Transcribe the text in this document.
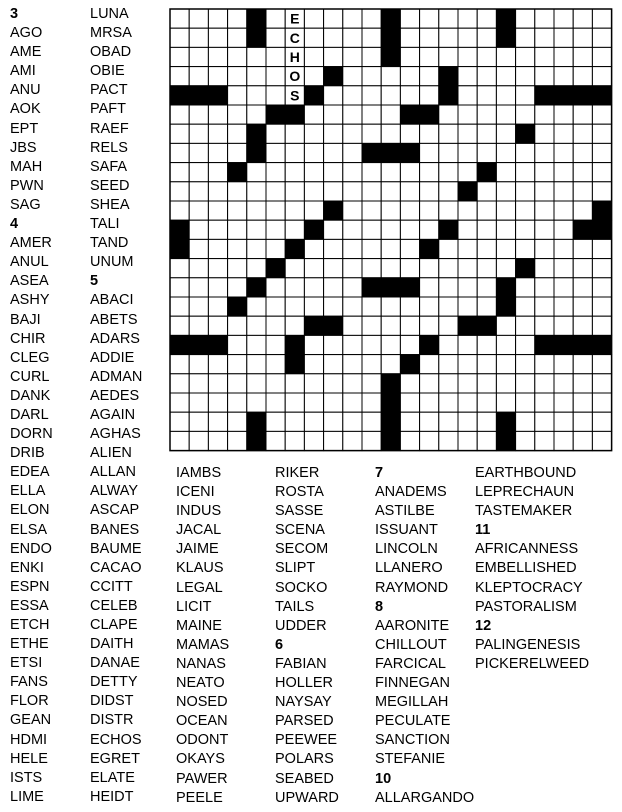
3
AGO
AME
AMI
ANU
AOK
EPT
JBS
MAH
PWN
SAG
4
AMER
ANUL
ASEA
ASHY
BAJI
CHIR
CLEG
CURL
DANK
DARL
DORN
DRIB
EDEA
ELLA
ELON
ELSA
ENDO
ENKI
ESPN
ESSA
ETCH
ETHE
ETSI
FANS
FLOR
GEAN
HDMI
HELE
ISTS
LIME
LUNA
MRSA
OBAD
OBIE
PACT
PAFT
RAEF
RELS
SAFA
SEED
SHEA
TALI
TAND
UNUM
5
ABACI
ABETS
ADARS
ADDIE
ADMAN
AEDES
AGAIN
AGHAS
ALIEN
ALLAN
ALWAY
ASCAP
BANES
BAUME
CACAO
CCITT
CELEB
CLAPE
DAITH
DANAE
DETTY
DIDST
DISTR
ECHOS
EGRET
ELATE
HEIDT
IAMBS
ICENI
INDUS
JACAL
JAIME
KLAUS
LEGAL
LICIT
MAINE
MAMAS
NANAS
NEATO
NOSED
OCEAN
ODONT
OKAYS
PAWER
PEELE
RIKER
ROSTA
SASSE
SCENA
SECOM
SLIPT
SOCKO
TAILS
UDDER
6
FABIAN
HOLLER
NAYSAY
PARSED
PEEWEE
POLARS
SEABED
UPWARD
7
ANADEMS
ASTILBE
ISSUANT
LINCOLN
LLANERO
RAYMOND
8
AARONITE
CHILLOUT
FARCICAL
FINNEGAN
MEGILLAH
PECULATE
SANCTION
STEFANIE
10
ALLARGANDO
EARTHBOUND
LEPRECHAUN
TASTEMAKER
11
AFRICANNESS
EMBELLISHED
KLEPTOCRACY
PASTORALISM
12
PALINGENESIS
PICKERELWEED
E
C
H
O
S
